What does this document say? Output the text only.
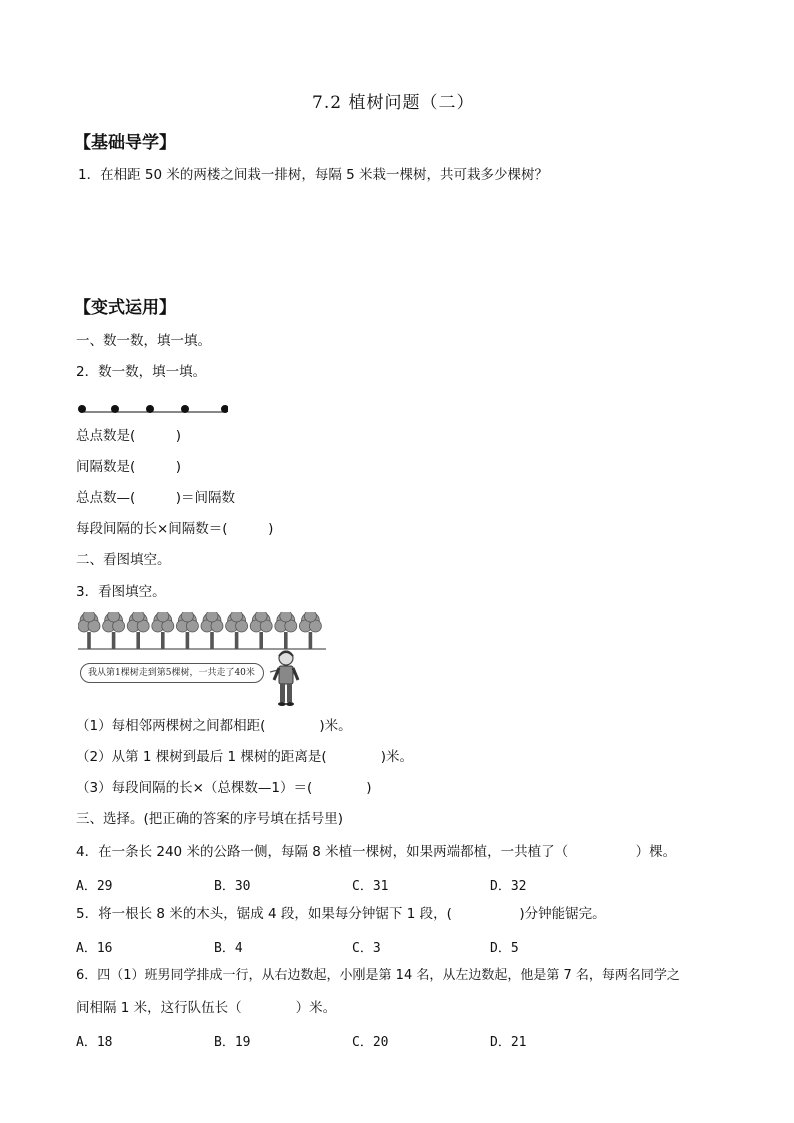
7.2 植树问题（二）
【基础导学】
1．在相距 50 米的两楼之间栽一排树，每隔 5 米栽一棵树，共可栽多少棵树？
【变式运用】
一、数一数，填一填。
2．数一数，填一填。
总点数是(　　　)
间隔数是(　　　)
总点数—(　　　)＝间隔数
每段间隔的长×间隔数＝(　　　)
二、看图填空。
3．看图填空。
我从第1棵树走到第5棵树，一共走了40米
（1）每相邻两棵树之间都相距(　　　　)米。
（2）从第 1 棵树到最后 1 棵树的距离是(　　　　)米。
（3）每段间隔的长×（总棵数—1）＝(　　　　)
三、选择。(把正确的答案的序号填在括号里)
4．在一条长 240 米的公路一侧，每隔 8 米植一棵树，如果两端都植，一共植了（　　　　　）棵。
A．29	B．30	C．31	D．32
5．将一根长 8 米的木头，锯成 4 段，如果每分钟锯下 1 段，(　　　　　)分钟能锯完。
A．16	B．4	C．3	D．5
6．四（1）班男同学排成一行，从右边数起，小刚是第 14 名，从左边数起，他是第 7 名，每两名同学之
间相隔 1 米，这行队伍长（　　　　）米。
A．18	B．19	C．20	D．21
